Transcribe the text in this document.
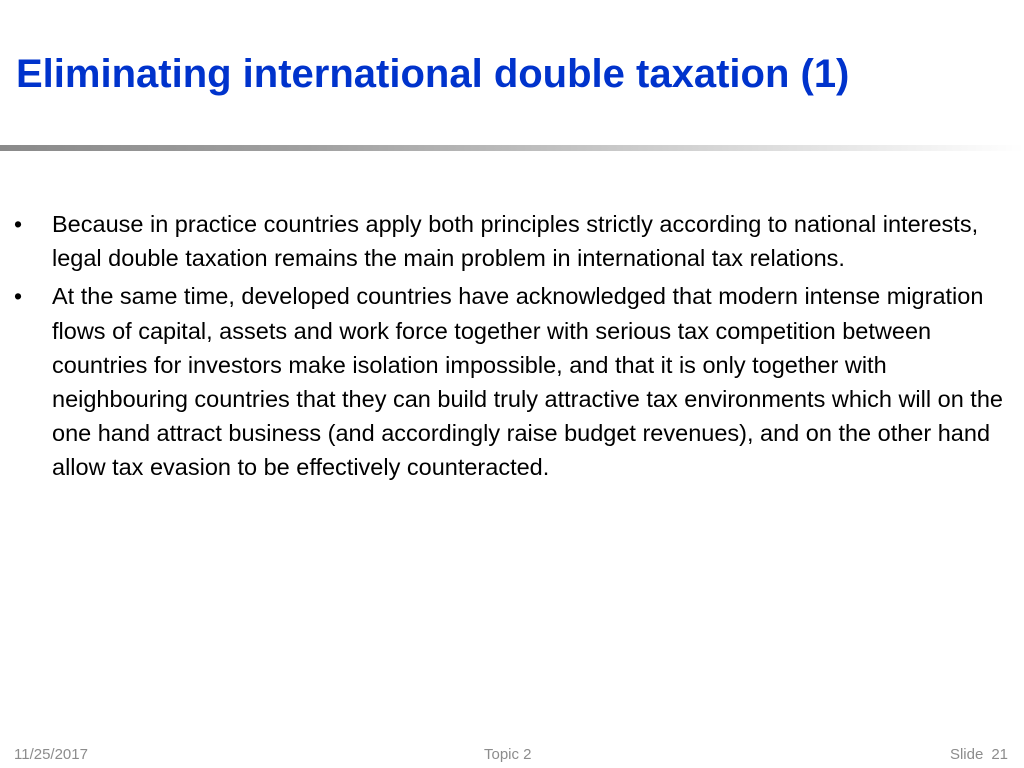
Eliminating international double taxation (1)
•	Because in practice countries apply both principles strictly according to national interests, legal double taxation remains the main problem in international tax relations.
•	At the same time, developed countries have acknowledged that modern intense migration flows of capital, assets and work force together with serious tax competition between countries for investors make isolation impossible, and that it is only together with neighbouring countries that they can build truly attractive tax environments which will on the one hand attract business (and accordingly raise budget revenues), and on the other hand allow tax evasion to be effectively counteracted.
11/25/2017	Topic 2	Slide 21
